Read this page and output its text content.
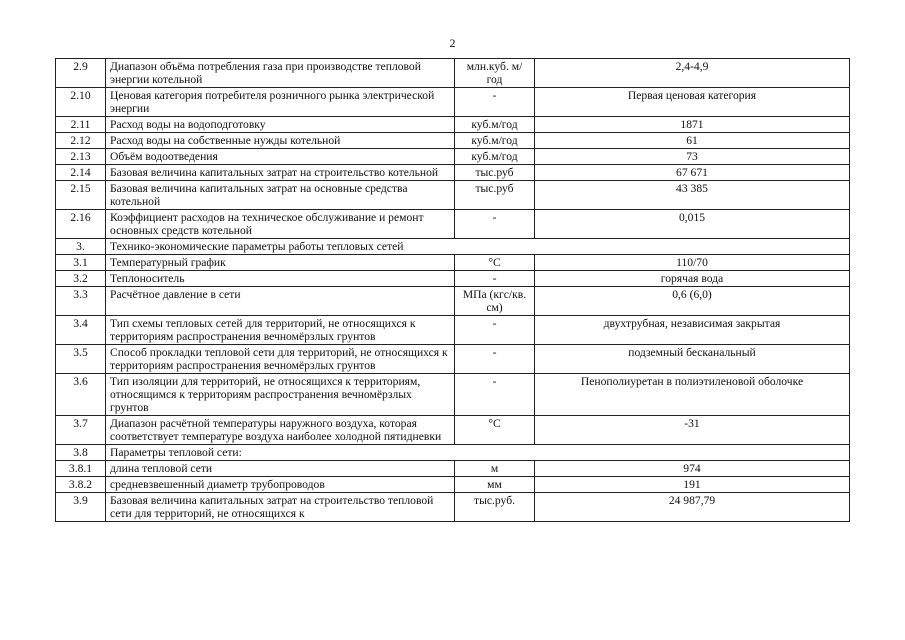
2
2.9	Диапазон объёма потребления газа при производстве тепловой энергии котельной	млн.куб. м/год	2,4-4,9
2.10	Ценовая категория потребителя розничного рынка электрической энергии	-	Первая ценовая категория
2.11	Расход воды на водоподготовку	куб.м/год	1871
2.12	Расход воды на собственные нужды котельной	куб.м/год	61
2.13	Объём водоотведения	куб.м/год	73
2.14	Базовая величина капитальных затрат на строительство котельной	тыс.руб	67 671
2.15	Базовая величина капитальных затрат на основные средства котельной	тыс.руб	43 385
2.16	Коэффициент расходов на техническое обслуживание и ремонт основных средств котельной	-	0,015
3.	Технико-экономические параметры работы тепловых сетей		
3.1	Температурный график	°С	110/70
3.2	Теплоноситель	-	горячая вода
3.3	Расчётное давление в сети	МПа (кгс/кв. см)	0,6 (6,0)
3.4	Тип схемы тепловых сетей для территорий, не относящихся к территориям распространения вечномёрзлых грунтов	-	двухтрубная, независимая закрытая
3.5	Способ прокладки тепловой сети для территорий, не относящихся к территориям распространения вечномёрзлых грунтов	-	подземный бесканальный
3.6	Тип изоляции для территорий, не относящихся к территориям, относящимся к территориям распространения вечномёрзлых грунтов	-	Пенополиуретан в полиэтиленовой оболочке
3.7	Диапазон расчётной температуры наружного воздуха, которая соответствует температуре воздуха наиболее холодной пятидневки	°С	-31
3.8	Параметры тепловой сети:		
3.8.1	длина тепловой сети	м	974
3.8.2	средневзвешенный диаметр трубопроводов	мм	191
3.9	Базовая величина капитальных затрат на строительство тепловой сети для территорий, не относящихся к	тыс.руб.	24 987,79
